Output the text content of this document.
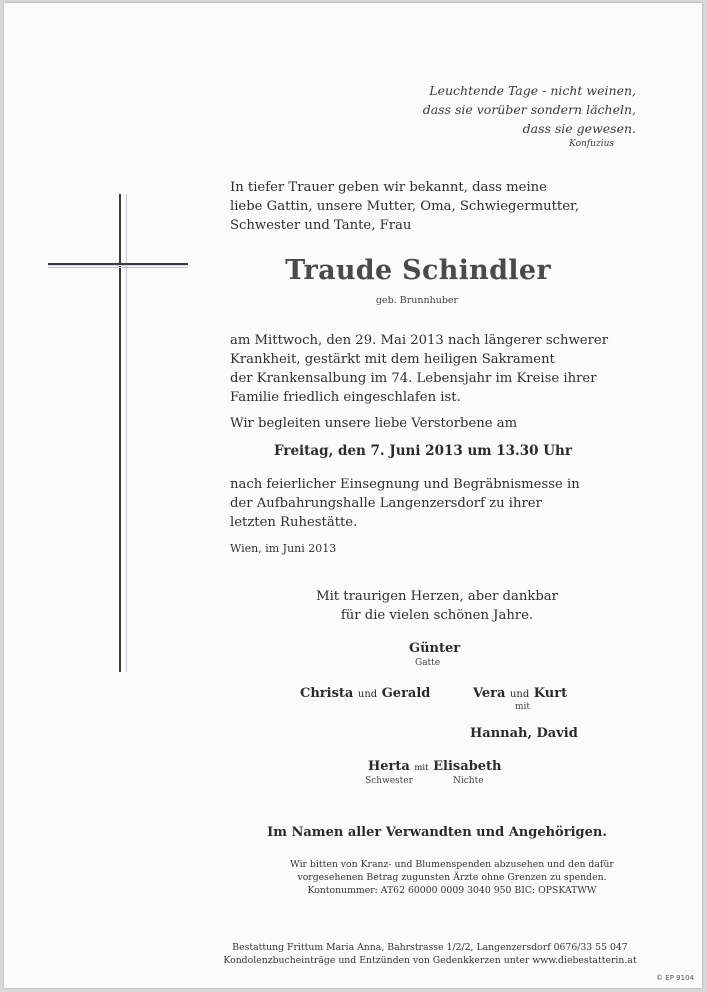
Leuchtende Tage - nicht weinen,
dass sie vorüber sondern lächeln,
dass sie gewesen.
Konfuzius
In tiefer Trauer geben wir bekannt, dass meine
liebe Gattin, unsere Mutter, Oma, Schwiegermutter,
Schwester und Tante, Frau
Traude Schindler
geb. Brunnhuber
am Mittwoch, den 29. Mai 2013 nach längerer schwerer
Krankheit, gestärkt mit dem heiligen Sakrament
der Krankensalbung im 74. Lebensjahr im Kreise ihrer
Familie friedlich eingeschlafen ist.
Wir begleiten unsere liebe Verstorbene am
Freitag, den 7. Juni 2013 um 13.30 Uhr
nach feierlicher Einsegnung und Begräbnismesse in
der Aufbahrungshalle Langenzersdorf zu ihrer
letzten Ruhestätte.
Wien, im Juni 2013
Mit traurigen Herzen, aber dankbar
für die vielen schönen Jahre.
Günter
Gatte
Christa und Gerald	Vera und Kurt
mit
Hannah, David
Herta mit Elisabeth
Schwester	Nichte
Im Namen aller Verwandten und Angehörigen.
Wir bitten von Kranz- und Blumenspenden abzusehen und den dafür
vorgesehenen Betrag zugunsten Ärzte ohne Grenzen zu spenden.
Kontonummer: AT62 60000 0009 3040 950 BIC: OPSKATWW
Bestattung Frittum Maria Anna, Bahrstrasse 1/2/2, Langenzersdorf 0676/33 55 047
Kondolenzbucheinträge und Entzünden von Gedenkkerzen unter www.diebestatterin.at
© EP 9104
